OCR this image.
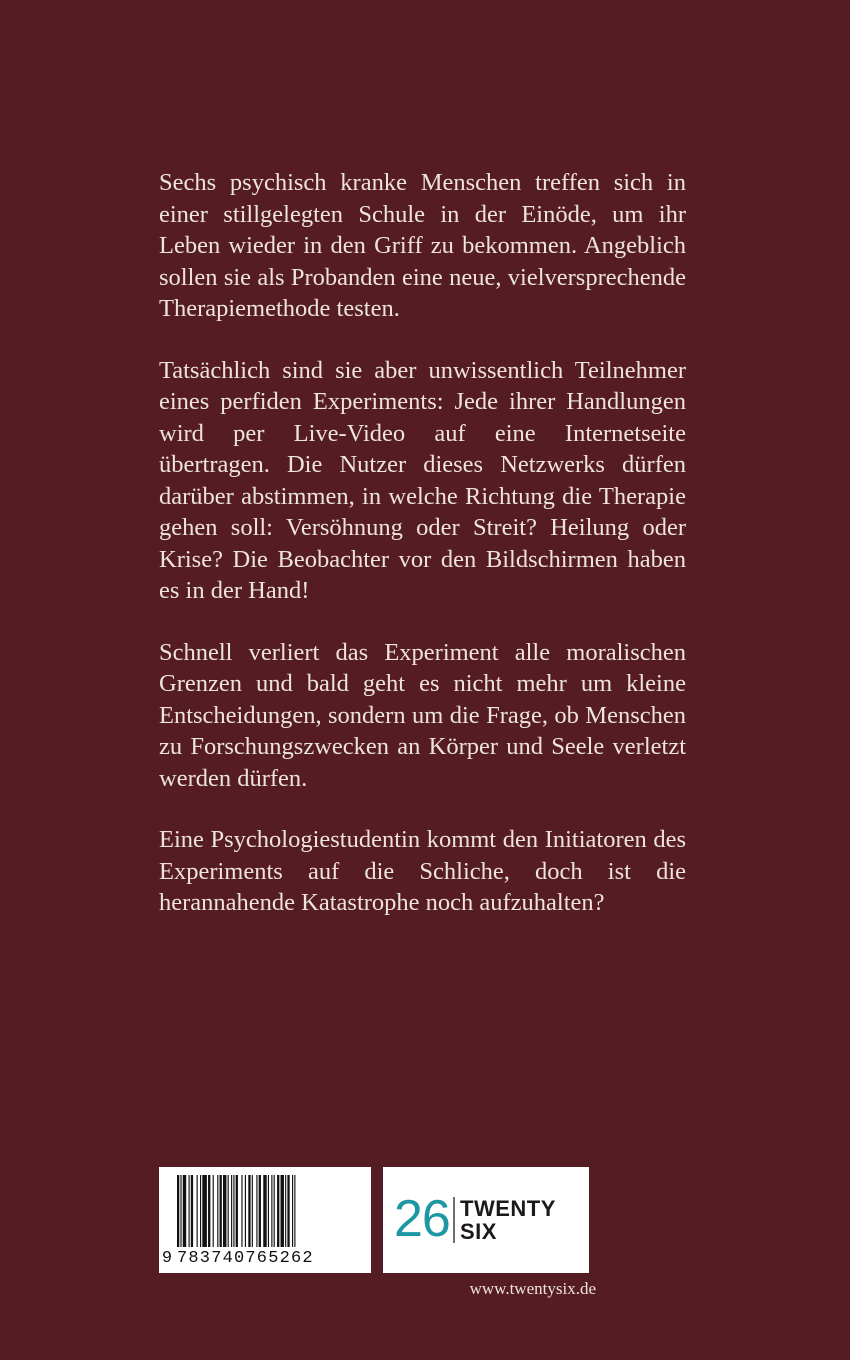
Sechs psychisch kranke Menschen treffen sich in einer stillgelegten Schule in der Einöde, um ihr Leben wieder in den Griff zu bekommen. Angeblich sollen sie als Probanden eine neue, vielversprechende Therapiemethode testen.

Tatsächlich sind sie aber unwissentlich Teilnehmer eines perfiden Experiments: Jede ihrer Handlungen wird per Live-Video auf eine Internetseite übertragen. Die Nutzer dieses Netzwerks dürfen darüber abstimmen, in welche Richtung die Therapie gehen soll: Versöhnung oder Streit? Heilung oder Krise? Die Beobachter vor den Bildschirmen haben es in der Hand!

Schnell verliert das Experiment alle moralischen Grenzen und bald geht es nicht mehr um kleine Entscheidungen, sondern um die Frage, ob Menschen zu Forschungszwecken an Körper und Seele verletzt werden dürfen.

Eine Psychologiestudentin kommt den Initiatoren des Experiments auf die Schliche, doch ist die herannahende Katastrophe noch aufzuhalten?

9 783740765262
26 TWENTY
SIX
www.twentysix.de
